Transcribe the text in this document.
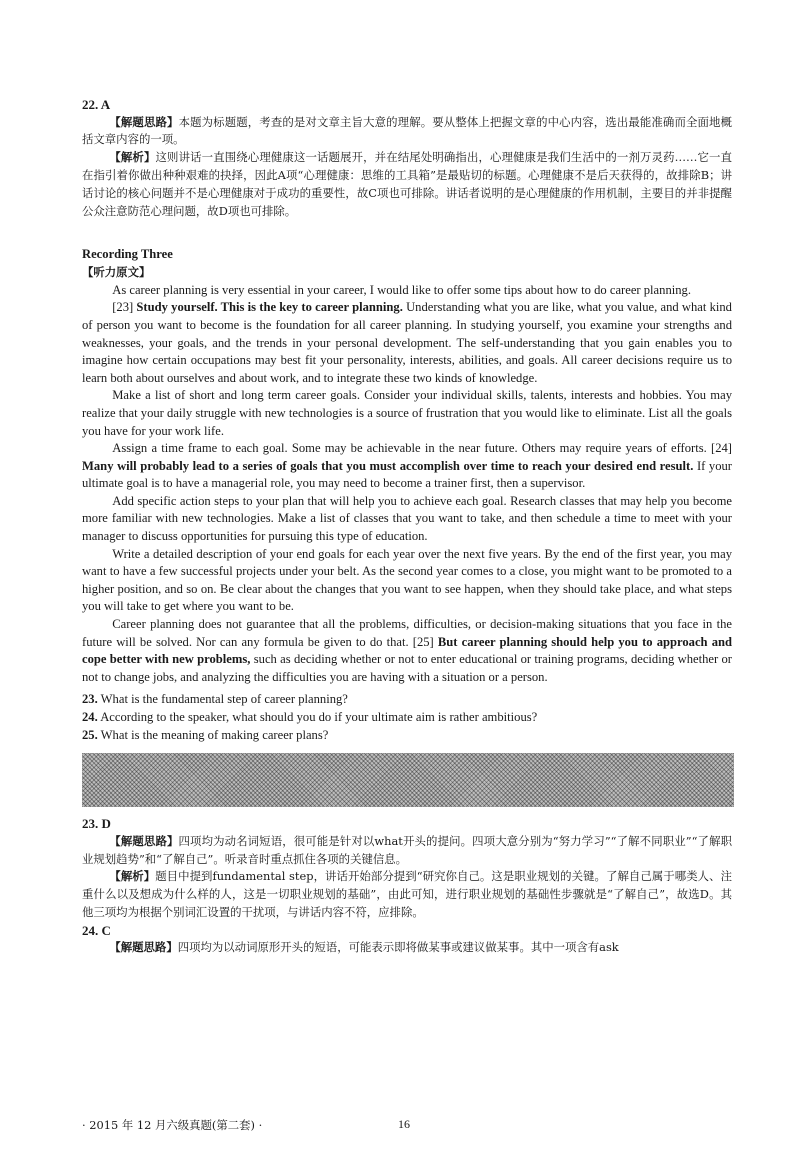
22. A

【解题思路】本题为标题题，考查的是对文章主旨大意的理解。要从整体上把握文章的中心内容，选出最能准确而全面地概括文章内容的一项。

【解析】这则讲话一直围绕心理健康这一话题展开，并在结尾处明确指出，心理健康是我们生活中的一剂万灵药……它一直在指引着你做出种种艰难的抉择，因此A项“心理健康：思维的工具箱”是最贴切的标题。心理健康不是后天获得的，故排除B；讲话讨论的核心问题并不是心理健康对于成功的重要性，故C项也可排除。讲话者说明的是心理健康的作用机制，主要目的并非提醒公众注意防范心理问题，故D项也可排除。

Recording Three
【听力原文】

As career planning is very essential in your career, I would like to offer some tips about how to do career planning.

[23] Study yourself. This is the key to career planning. Understanding what you are like, what you value, and what kind of person you want to become is the foundation for all career planning. In studying yourself, you examine your strengths and weaknesses, your goals, and the trends in your personal development. The self-understanding that you gain enables you to imagine how certain occupations may best fit your personality, interests, abilities, and goals. All career decisions require us to learn both about ourselves and about work, and to integrate these two kinds of knowledge.

Make a list of short and long term career goals. Consider your individual skills, talents, interests and hobbies. You may realize that your daily struggle with new technologies is a source of frustration that you would like to eliminate. List all the goals you have for your work life.

Assign a time frame to each goal. Some may be achievable in the near future. Others may require years of efforts. [24] Many will probably lead to a series of goals that you must accomplish over time to reach your desired end result. If your ultimate goal is to have a managerial role, you may need to become a trainer first, then a supervisor.

Add specific action steps to your plan that will help you to achieve each goal. Research classes that may help you become more familiar with new technologies. Make a list of classes that you want to take, and then schedule a time to meet with your manager to discuss opportunities for pursuing this type of education.

Write a detailed description of your end goals for each year over the next five years. By the end of the first year, you may want to have a few successful projects under your belt. As the second year comes to a close, you might want to be promoted to a higher position, and so on. Be clear about the changes that you want to see happen, when they should take place, and what steps you will take to get where you want to be.

Career planning does not guarantee that all the problems, difficulties, or decision-making situations that you face in the future will be solved. Nor can any formula be given to do that. [25] But career planning should help you to approach and cope better with new problems, such as deciding whether or not to enter educational or training programs, deciding whether or not to change jobs, and analyzing the difficulties you are having with a situation or a person.

23. What is the fundamental step of career planning?
24. According to the speaker, what should you do if your ultimate aim is rather ambitious?
25. What is the meaning of making career plans?
23. D

【解题思路】四项均为动名词短语，很可能是针对以what开头的提问。四项大意分别为“努力学习”“了解不同职业”“了解职业规划趋势”和“了解自己”。听录音时重点抓住各项的关键信息。

【解析】题目中提到fundamental step，讲话开始部分提到“研究你自己。这是职业规划的关键。了解自己属于哪类人、注重什么以及想成为什么样的人，这是一切职业规划的基础”，由此可知，进行职业规划的基础性步骤就是“了解自己”，故选D。其他三项均为根据个别词汇设置的干扰项，与讲话内容不符，应排除。

24. C

【解题思路】四项均为以动词原形开头的短语，可能表示即将做某事或建议做某事。其中一项含有ask

· 2015 年 12 月六级真题(第二套) ·	16
